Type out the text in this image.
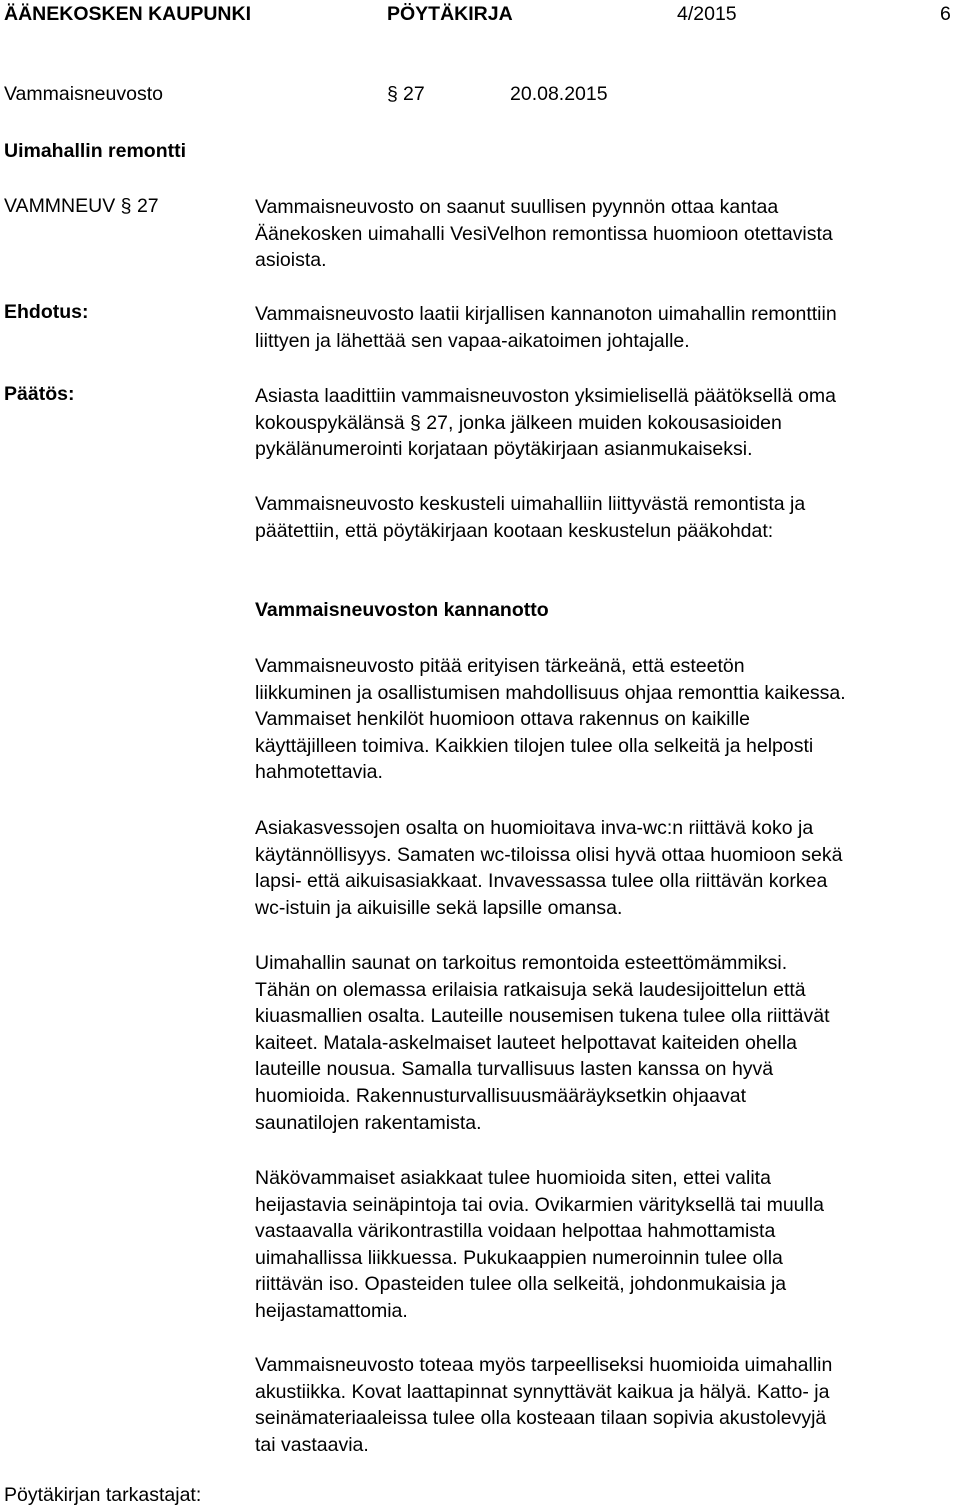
ÄÄNEKOSKEN KAUPUNKI	PÖYTÄKIRJA	4/2015	6
Vammaisneuvosto	§ 27	20.08.2015
Uimahallin remontti
VAMMNEUV § 27	Vammaisneuvosto on saanut suullisen pyynnön ottaa kantaa
Äänekosken uimahalli VesiVelhon remontissa huomioon otettavista
asioista.
Ehdotus:	Vammaisneuvosto laatii kirjallisen kannanoton uimahallin remonttiin
liittyen ja lähettää sen vapaa-aikatoimen johtajalle.
Päätös:	Asiasta laadittiin vammaisneuvoston yksimielisellä päätöksellä oma
kokouspykälänsä § 27, jonka jälkeen muiden kokousasioiden
pykälänumerointi korjataan pöytäkirjaan asianmukaiseksi.
Vammaisneuvosto keskusteli uimahalliin liittyvästä remontista ja
päätettiin, että pöytäkirjaan kootaan keskustelun pääkohdat:
Vammaisneuvoston kannanotto
Vammaisneuvosto pitää erityisen tärkeänä, että esteetön
liikkuminen ja osallistumisen mahdollisuus ohjaa remonttia kaikessa.
Vammaiset henkilöt huomioon ottava rakennus on kaikille
käyttäjilleen toimiva. Kaikkien tilojen tulee olla selkeitä ja helposti
hahmotettavia.
Asiakasvessojen osalta on huomioitava inva-wc:n riittävä koko ja
käytännöllisyys. Samaten wc-tiloissa olisi hyvä ottaa huomioon sekä
lapsi- että aikuisasiakkaat. Invavessassa tulee olla riittävän korkea
wc-istuin ja aikuisille sekä lapsille omansa.
Uimahallin saunat on tarkoitus remontoida esteettömämmiksi.
Tähän on olemassa erilaisia ratkaisuja sekä laudesijoittelun että
kiuasmallien osalta. Lauteille nousemisen tukena tulee olla riittävät
kaiteet. Matala-askelmaiset lauteet helpottavat kaiteiden ohella
lauteille nousua. Samalla turvallisuus lasten kanssa on hyvä
huomioida. Rakennusturvallisuusmääräyksetkin ohjaavat
saunatilojen rakentamista.
Näkövammaiset asiakkaat tulee huomioida siten, ettei valita
heijastavia seinäpintoja tai ovia. Ovikarmien värityksellä tai muulla
vastaavalla värikontrastilla voidaan helpottaa hahmottamista
uimahallissa liikkuessa. Pukukaappien numeroinnin tulee olla
riittävän iso. Opasteiden tulee olla selkeitä, johdonmukaisia ja
heijastamattomia.
Vammaisneuvosto toteaa myös tarpeelliseksi huomioida uimahallin
akustiikka. Kovat laattapinnat synnyttävät kaikua ja hälyä. Katto- ja
seinämateriaaleissa tulee olla kosteaan tilaan sopivia akustolevyjä
tai vastaavia.
Pöytäkirjan tarkastajat:
